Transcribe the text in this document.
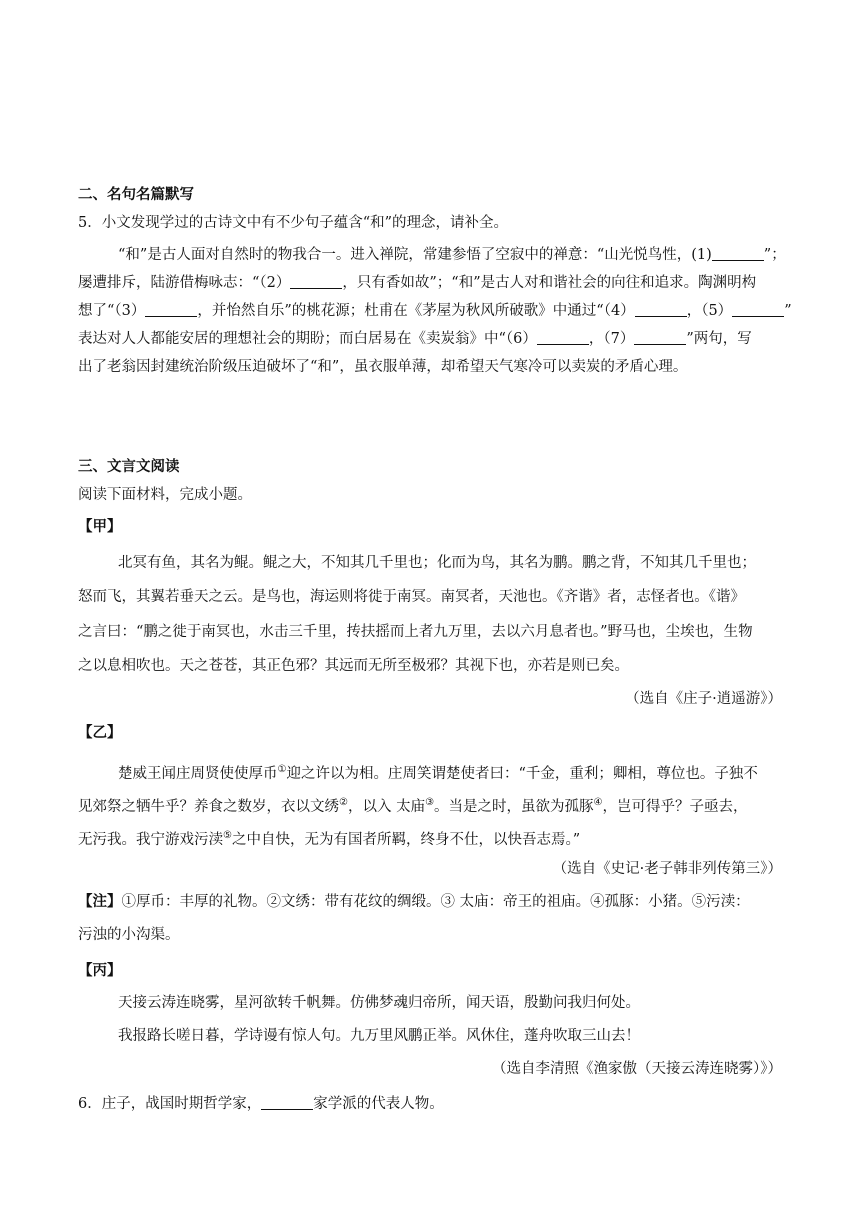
二、名句名篇默写
5．小文发现学过的古诗文中有不少句子蕴含“和”的理念，请补全。
“和”是古人面对自然时的物我合一。进入禅院，常建参悟了空寂中的禅意：“山光悦鸟性，(1)	”；
屡遭排斥，陆游借梅咏志：“（2）	，只有香如故”；“和”是古人对和谐社会的向往和追求。陶渊明构
想了“（3）	，并怡然自乐”的桃花源；杜甫在《茅屋为秋风所破歌》中通过“（4）	，（5）	”
表达对人人都能安居的理想社会的期盼；而白居易在《卖炭翁》中“（6）	，（7）	”两句，写
出了老翁因封建统治阶级压迫破坏了“和”，虽衣服单薄，却希望天气寒冷可以卖炭的矛盾心理。
三、文言文阅读
阅读下面材料，完成小题。
【甲】
北冥有鱼，其名为鲲。鲲之大，不知其几千里也；化而为鸟，其名为鹏。鹏之背，不知其几千里也；
怒而飞，其翼若垂天之云。是鸟也，海运则将徙于南冥。南冥者，天池也。《齐谐》者，志怪者也。《谐》
之言曰：“鹏之徙于南冥也，水击三千里，抟扶摇而上者九万里，去以六月息者也。”野马也，尘埃也，生物
之以息相吹也。天之苍苍，其正色邪？其远而无所至极邪？其视下也，亦若是则已矣。
（选自《庄子·逍遥游》）
【乙】
楚威王闻庄周贤使使厚币①迎之许以为相。庄周笑谓楚使者曰：“千金，重利；卿相，尊位也。子独不
见郊祭之牺牛乎？养食之数岁，衣以文绣②，以入 太庙③。当是之时，虽欲为孤豚④，岂可得乎？子亟去，
无污我。我宁游戏污渎⑤之中自快，无为有国者所羁，终身不仕，以快吾志焉。”
（选自《史记·老子韩非列传第三》）
【注】①厚币：丰厚的礼物。②文绣：带有花纹的绸缎。③ 太庙：帝王的祖庙。④孤豚：小猪。⑤污渎：
污浊的小沟渠。
【丙】
天接云涛连晓雾，星河欲转千帆舞。仿佛梦魂归帝所，闻天语，殷勤问我归何处。
我报路长嗟日暮，学诗谩有惊人句。九万里风鹏正举。风休住，蓬舟吹取三山去！
（选自李清照《渔家傲（天接云涛连晓雾）》）
6．庄子，战国时期哲学家，	家学派的代表人物。
